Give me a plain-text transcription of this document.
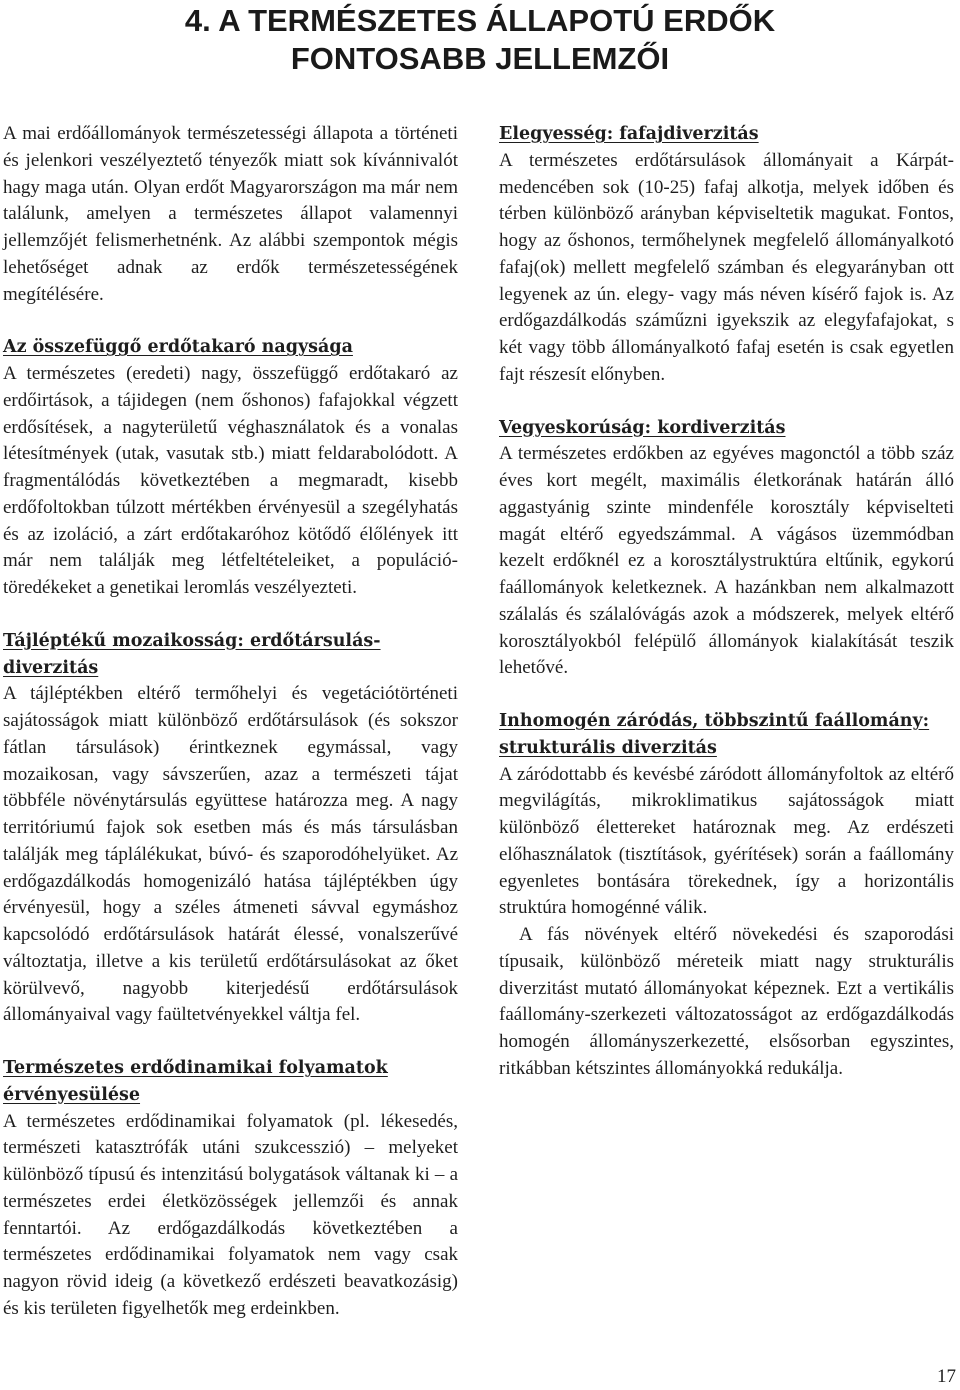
4. A TERMÉSZETES ÁLLAPOTÚ ERDŐK
FONTOSABB JELLEMZŐI

A mai erdőállományok természetességi állapota a történeti és jelenkori veszélyeztető tényezők miatt sok kívánnivalót hagy maga után. Olyan erdőt Magyarországon ma már nem találunk, amelyen a természetes állapot valamennyi jellemzőjét felismerhetnénk. Az alábbi szempontok mégis lehetőséget adnak az erdők természetességének megítélésére.

Az összefüggő erdőtakaró nagysága

A természetes (eredeti) nagy, összefüggő erdőtakaró az erdőirtások, a tájidegen (nem őshonos) fafajokkal végzett erdősítések, a nagyterületű véghasználatok és a vonalas létesítmények (utak, vasutak stb.) miatt feldarabolódott. A fragmentálódás következtében a megmaradt, kisebb erdőfoltokban túlzott mértékben érvényesül a szegélyhatás és az izoláció, a zárt erdőtakaróhoz kötődő élőlények itt már nem találják meg létfeltételeiket, a populáció-töredékeket a genetikai leromlás veszélyezteti.

Tájléptékű mozaikosság: erdőtársulás-diverzitás

A tájléptékben eltérő termőhelyi és vegetációtörténeti sajátosságok miatt különböző erdőtársulások (és sokszor fátlan társulások) érintkeznek egymással, vagy mozaikosan, vagy sávszerűen, azaz a természeti tájat többféle növénytársulás együttese határozza meg. A nagy territóriumú fajok sok esetben más és más társulásban találják meg táplálékukat, búvó- és szaporodóhelyüket. Az erdőgazdálkodás homogenizáló hatása tájléptékben úgy érvényesül, hogy a széles átmeneti sávval egymáshoz kapcsolódó erdőtársulások határát élessé, vonalszerűvé változtatja, illetve a kis területű erdőtársulásokat az őket körülvevő, nagyobb kiterjedésű erdőtársulások állományaival vagy faültetvényekkel váltja fel.

Természetes erdődinamikai folyamatok érvényesülése

A természetes erdődinamikai folyamatok (pl. lékesedés, természeti katasztrófák utáni szukcesszió) – melyeket különböző típusú és intenzitású bolygatások váltanak ki – a természetes erdei életközösségek jellemzői és annak fenntartói. Az erdőgazdálkodás következtében a természetes erdődinamikai folyamatok nem vagy csak nagyon rövid ideig (a következő erdészeti beavatkozásig) és kis területen figyelhetők meg erdeinkben.

Elegyesség: fafajdiverzitás

A természetes erdőtársulások állományait a Kárpát-medencében sok (10-25) fafaj alkotja, melyek időben és térben különböző arányban képviseltetik magukat. Fontos, hogy az őshonos, termőhelynek megfelelő állományalkotó fafaj(ok) mellett megfelelő számban és elegyarányban ott legyenek az ún. elegy- vagy más néven kísérő fajok is. Az erdőgazdálkodás száműzni igyekszik az elegyfafajokat, s két vagy több állományalkotó fafaj esetén is csak egyetlen fajt részesít előnyben.

Vegyeskorúság: kordiverzitás

A természetes erdőkben az egyéves magonctól a több száz éves kort megélt, maximális életkorának határán álló aggastyánig szinte mindenféle korosztály képviselteti magát eltérő egyedszámmal. A vágásos üzemmódban kezelt erdőknél ez a korosztálystruktúra eltűnik, egykorú faállományok keletkeznek. A hazánkban nem alkalmazott szálalás és szálalóvágás azok a módszerek, melyek eltérő korosztályokból felépülő állományok kialakítását teszik lehetővé.

Inhomogén záródás, többszintű faállomány: strukturális diverzitás

A záródottabb és kevésbé záródott állományfoltok az eltérő megvilágítás, mikroklimatikus sajátosságok miatt különböző élettereket határoznak meg. Az erdészeti előhasználatok (tisztítások, gyérítések) során a faállomány egyenletes bontására törekednek, így a horizontális struktúra homogénné válik.

A fás növények eltérő növekedési és szaporodási típusaik, különböző méreteik miatt nagy strukturális diverzitást mutató állományokat képeznek. Ezt a vertikális faállomány-szerkezeti változatosságot az erdőgazdálkodás homogén állományszerkezetté, elsősorban egyszintes, ritkábban kétszintes állományokká redukálja.

17
